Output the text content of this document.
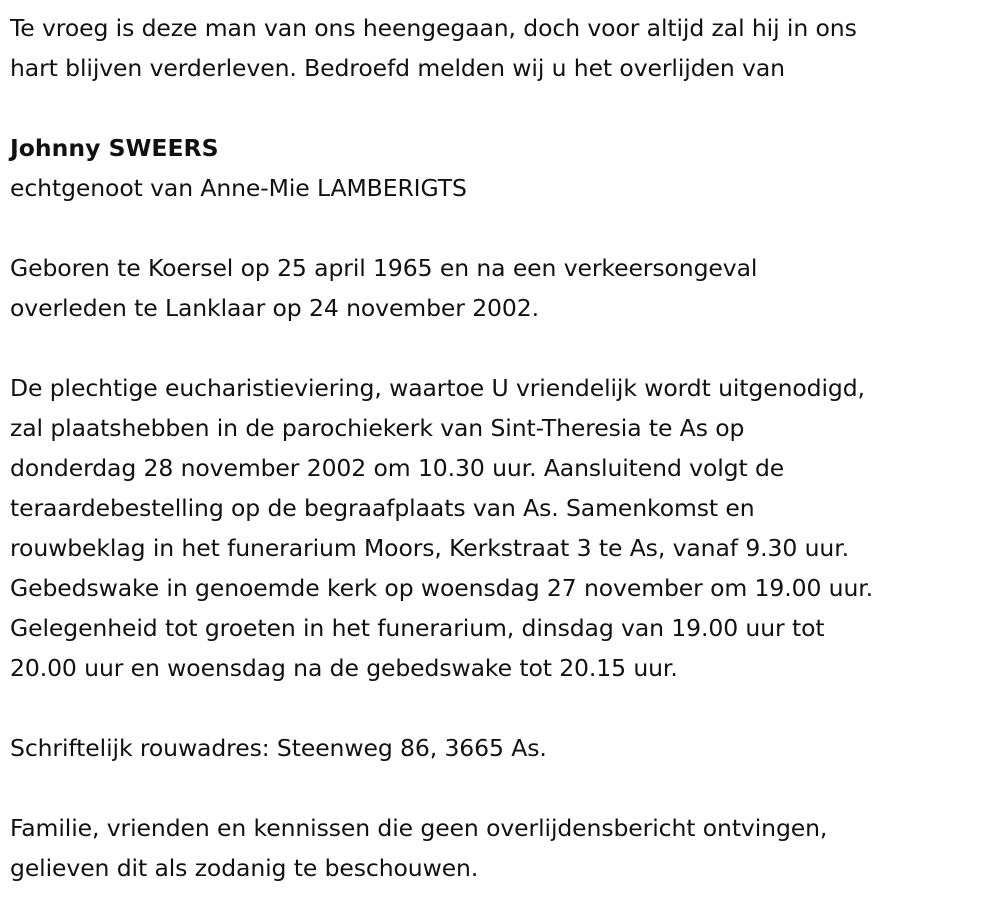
Te vroeg is deze man van ons heengegaan, doch voor altijd zal hij in ons
hart blijven verderleven. Bedroefd melden wij u het overlijden van
Johnny SWEERS
echtgenoot van Anne-Mie LAMBERIGTS
Geboren te Koersel op 25 april 1965 en na een verkeersongeval
overleden te Lanklaar op 24 november 2002.
De plechtige eucharistieviering, waartoe U vriendelijk wordt uitgenodigd,
zal plaatshebben in de parochiekerk van Sint-Theresia te As op
donderdag 28 november 2002 om 10.30 uur. Aansluitend volgt de
teraardebestelling op de begraafplaats van As. Samenkomst en
rouwbeklag in het funerarium Moors, Kerkstraat 3 te As, vanaf 9.30 uur.
Gebedswake in genoemde kerk op woensdag 27 november om 19.00 uur.
Gelegenheid tot groeten in het funerarium, dinsdag van 19.00 uur tot
20.00 uur en woensdag na de gebedswake tot 20.15 uur.
Schriftelijk rouwadres: Steenweg 86, 3665 As.
Familie, vrienden en kennissen die geen overlijdensbericht ontvingen,
gelieven dit als zodanig te beschouwen.
